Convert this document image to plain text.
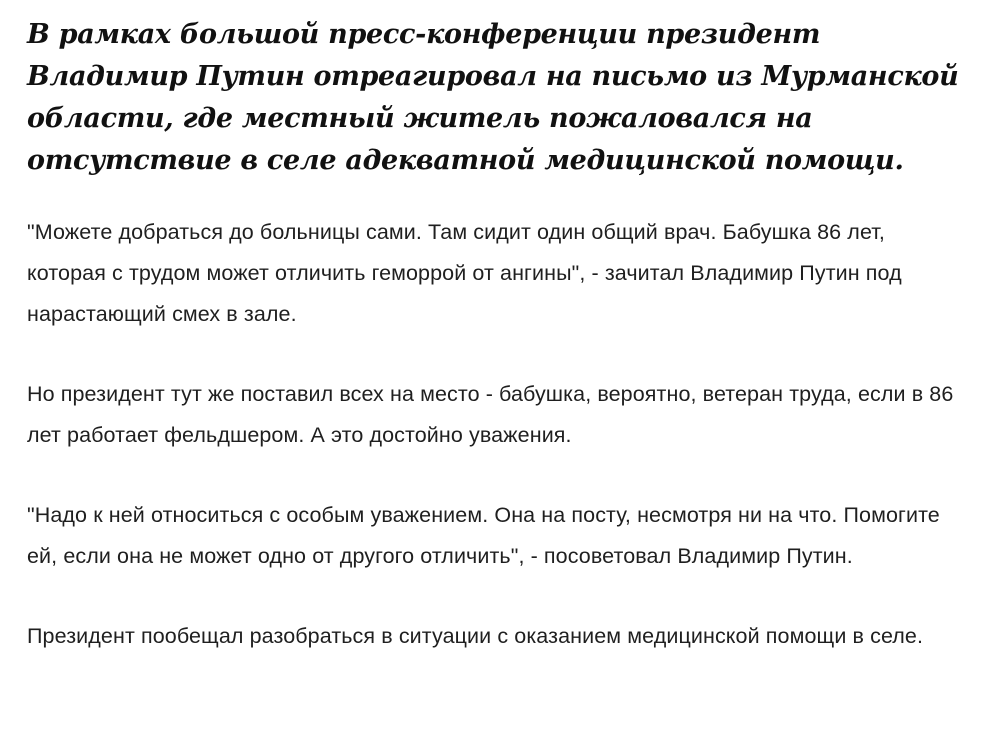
В рамках большой пресс-конференции президент Владимир Путин отреагировал на письмо из Мурманской области, где местный житель пожаловался на отсутствие в селе адекватной медицинской помощи.

"Можете добраться до больницы сами. Там сидит один общий врач. Бабушка 86 лет, которая с трудом может отличить геморрой от ангины", - зачитал Владимир Путин под нарастающий смех в зале.

Но президент тут же поставил всех на место - бабушка, вероятно, ветеран труда, если в 86 лет работает фельдшером. А это достойно уважения.

"Надо к ней относиться с особым уважением. Она на посту, несмотря ни на что. Помогите ей, если она не может одно от другого отличить", - посоветовал Владимир Путин.

Президент пообещал разобраться в ситуации с оказанием медицинской помощи в селе.
